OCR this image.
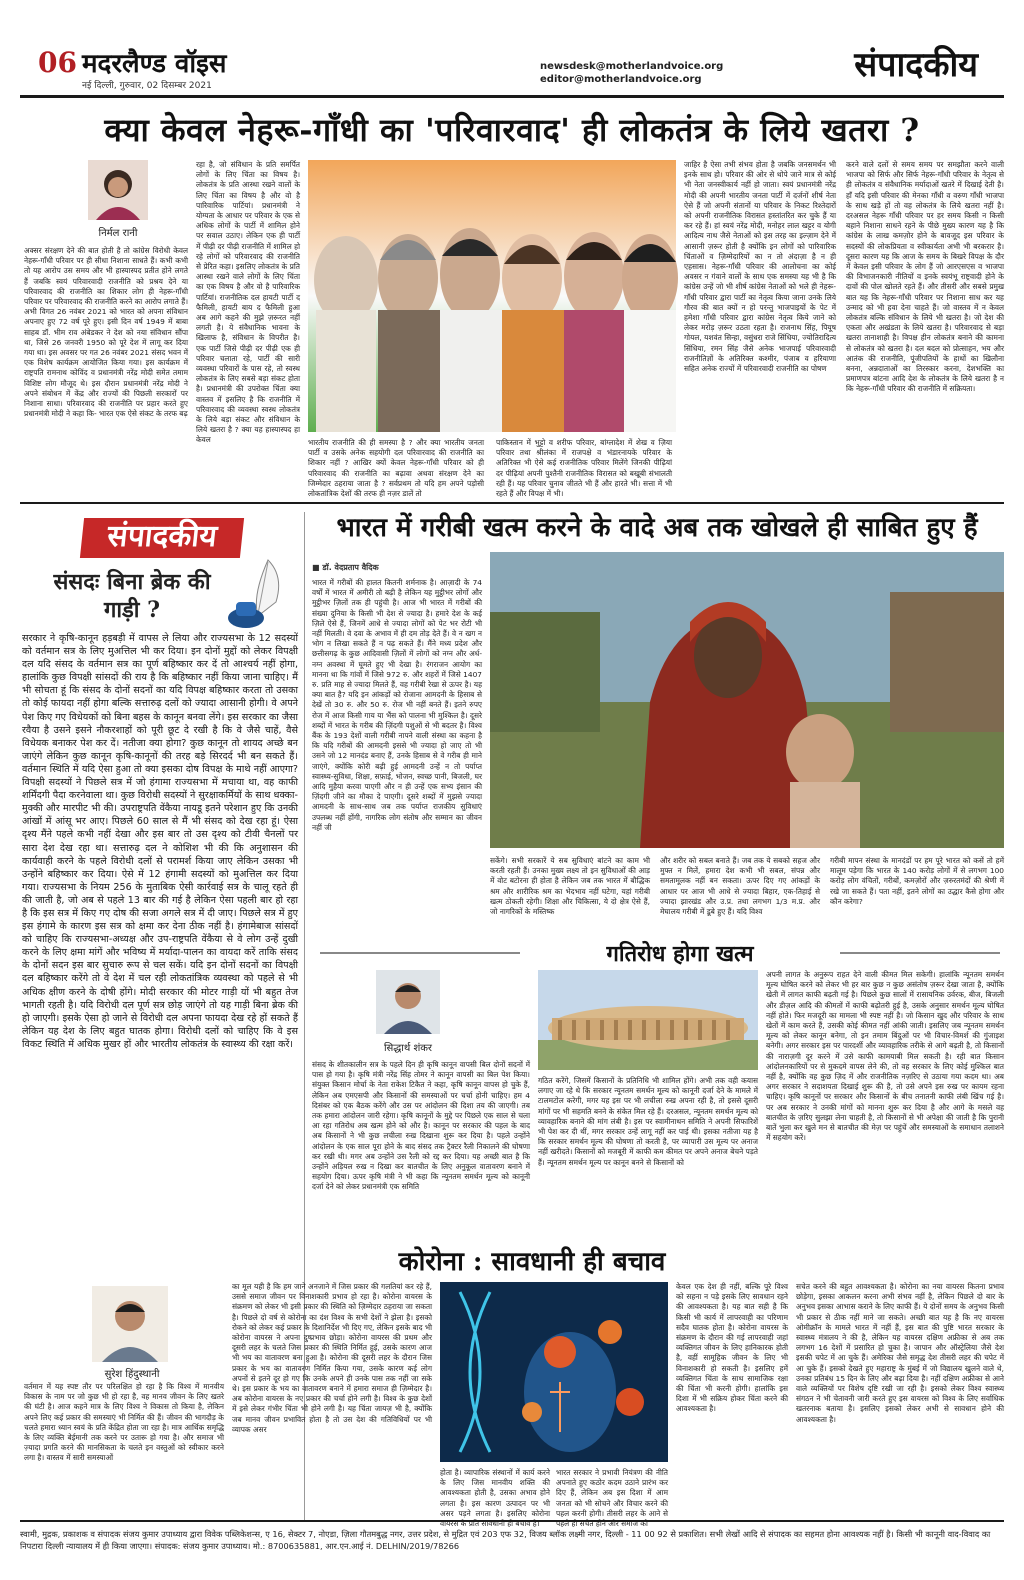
06 मदरलैण्ड वॉइस
नई दिल्ली, गुरुवार, 02 दिसम्बर 2021
newsdesk@motherlandvoice.org
editor@motherlandvoice.org	संपादकीय
क्या केवल नेहरू-गाँधी का 'परिवारवाद' ही लोकतंत्र के लिये खतरा ?
निर्मल रानी
अक्सर संरक्षण देने की बात होती है तो कांग्रेस विरोधी केवल नेहरू-गाँधी परिवार पर ही सीधा निशाना साधते हैं। कभी कभी तो यह आरोप उस समय और भी हास्यास्पद प्रतीत होने लगते हैं जबकि स्वयं परिवारवादी राजनीति को प्रश्रय देने या परिवारवाद की राजनीति का शिकार लोग ही नेहरू-गाँधी परिवार पर परिवारवाद की राजनीति करने का आरोप लगाते हैं। अभी विगत 26 नवंबर 2021 को भारत को अपना संविधान अपनाए हुए 72 वर्ष पूरे हुए। इसी दिन वर्ष 1949 में बाबा साहब डॉ. भीम राव अंबेडकर ने देश को नया संविधान सौंपा था, जिसे 26 जनवरी 1950 को पूरे देश में लागू कर दिया गया था। इस अवसर पर गत 26 नवंबर 2021 संसद भवन में एक विशेष कार्यक्रम आयोजित किया गया। इस कार्यक्रम में राष्ट्रपति रामनाथ कोविंद व प्रधानमंत्री नरेंद्र मोदी समेत तमाम विशिष्ट लोग मौजूद थे। इस दौरान प्रधानमंत्री नरेंद्र मोदी ने अपने संबोधन में केंद्र और राज्यों की पिछली सरकारों पर निशाना साधा। परिवारवाद की राजनीति पर प्रहार करते हुए प्रधानमंत्री मोदी ने कहा कि- भारत एक ऐसे संकट के तरफ बढ़
रहा है, जो संविधान के प्रति समर्पित लोगों के लिए चिंता का विषय है। लोकतंत्र के प्रति आस्था रखने वालों के लिए चिंता का विषय है और वो है पारिवारिक पार्टियां। प्रधानमंत्री ने योग्यता के आधार पर परिवार के एक से अधिक लोगों के पार्टी में शामिल होने पर सवाल उठाए। लेकिन एक ही पार्टी में पीढ़ी दर पीढ़ी राजनीति में शामिल हो रहे लोगों को परिवारवाद की राजनीति से प्रेरित कहा। इसलिए लोकतंत्र के प्रति आस्था रखने वाले लोगों के लिए चिंता का एक विषय है और वो है पारिवारिक पार्टियां। राजनीतिक दल हायटी पार्टी द फैमिली, हायटी बाय द फैमिली हुआ अब आगे कहने की मुझे ज़रूरत नहीं लगती है। ये संवैधानिक भावना के खिलाफ है, संविधान के विपरीत है। एक पार्टी जिसे पीढ़ी दर पीढ़ी एक ही परिवार चलाता रहे, पार्टी की सारी व्यवस्था परिवारों के पास रहे, तो स्वस्थ लोकतंत्र के लिए सबसे बड़ा संकट होता है। प्रधानमंत्री की उपरोक्त चिंता क्या वास्तव में इसलिए है कि राजनीति में परिवारवाद की व्यवस्था स्वस्थ लोकतंत्र के लिये बड़ा संकट और संविधान के लिये खतरा है ? क्या यह हास्यास्पद हा केवल	भारतीय राजनीति की ही समस्या है ? और क्या भारतीय जनता पार्टी व उसके अनेक सहयोगी दल परिवारवाद की राजनीति का शिकार नहीं ? आखिर क्यों केवल नेहरू-गाँधी परिवार को ही परिवारवाद की राजनीति का बढ़ावा अथवा संरक्षण देने का जिम्मेदार ठहराया जाता है ? सर्वप्रथम तो यदि हम अपने पड़ोसी लोकतांत्रिक देशों की तरफ ही नज़र डालें तो
पाकिस्तान में भुट्टो व शरीफ परिवार, बांग्लादेश में शेख व ज़िया परिवार तथा श्रीलंका में राजपक्षे व भंडारनायके परिवार के अतिरिक्त भी ऐसे कई राजनीतिक परिवार मिलेंगे जिनकी पीढ़ियां दर पीढ़ियां अपनी पुश्तैनी राजनीतिक विरासत को बखूबी संभालती रही हैं। यह परिवार चुनाव जीतते भी हैं और हारते भी। सत्ता में भी रहते हैं और विपक्ष में भी।
जाहिर है ऐसा तभी संभव होता है जबकि जनसमर्थन भी इनके साथ हो। परिवार की ओर से थोपे जाने मात्र से कोई भी नेता जनस्वीकार्य नहीं हो जाता। स्वयं प्रधानमंत्री नरेंद्र मोदी की अपनी भारतीय जनता पार्टी में दर्जनों शीर्ष नेता ऐसे हैं जो अपनी संतानों या परिवार के निकट रिश्तेदारों को अपनी राजनीतिक विरासत हस्तांतरित कर चुके हैं या कर रहे हैं। हां स्वयं नरेंद्र मोदी, मनोहर लाल खट्टर व योगी आदित्य नाथ जैसे नेताओं को इस तरह का इल्ज़ाम देने में आसानी ज़रूर होती है क्योंकि इन लोगों को पारिवारिक चिंताओं व ज़िम्मेदारियों का न तो अंदाज़ा है न ही एहसास। नेहरू-गाँधी परिवार की आलोचना का कोई अवसर न गंवाने वालों के साथ एक समस्या यह भी है कि कांग्रेस उन्हें जो भी शीर्ष कांग्रेस नेताओं को भले ही नेहरू-गाँधी परिवार द्वारा पार्टी का नेतृत्व किया जाना उनके लिये गौरव की बात क्यों न हो परन्तु भाजपाइयों के पेट में हमेशा गाँधी परिवार द्वारा कांग्रेस नेतृत्व किये जाने को लेकर मरोड़ ज़रूर उठता रहता है। राजनाथ सिंह, पियूष गोयल, यशवंत सिन्हा, वसुंधरा राजे सिंधिया, ज्योतिरादित्य सिंधिया, रमन सिंह जैसे अनेक भाजपाई परिवारवादी राजनीतिज्ञों के अतिरिक्त कश्मीर, पंजाब व हरियाणा सहित अनेक राज्यों में परिवारवादी राजनीति का पोषण
करने वाले दलों से समय समय पर समझौता करने वाली भाजपा को सिर्फ और सिर्फ नेहरू-गाँधी परिवार के नेतृत्व से ही लोकतंत्र व संवैधानिक मर्यादाओं खतरे में दिखाई देती है। हाँ यदि इसी परिवार की मेनका गाँधी व वरुण गाँधी भाजपा के साथ खड़े हों तो वह लोकतंत्र के लिये खतरा नहीं है। दरअसल नेहरू गाँधी परिवार पर हर समय किसी न किसी बहाने निशाना साधने रहने के पीछे मुख्य कारण यह है कि कांग्रेस के लाख कमज़ोर होने के बावजूद इस परिवार के सदस्यों की लोकप्रियता व स्वीकार्यता अभी भी बरकरार है। दूसरा कारण यह कि आज के समय के बिखरे विपक्ष के दौर में केवल इसी परिवार के लोग हैं जो आरएसएस व भाजपा की विभाजनकारी नीतियों व इनके स्वयंभू राष्ट्रवादी होने के दावों की पोल खोलते रहते हैं। और तीसरी और सबसे प्रमुख बात यह कि नेहरू-गाँधी परिवार पर निशाना साध कर यह उन्माद को भी हवा देना चाहते हैं। जो वास्तव में न केवल लोकतंत्र बल्कि संविधान के लिये भी खतरा है। जो देश की एकता और अखंडता के लिये खतरा है। परिवारवाद से बड़ा खतरा तानाशाही है। विपक्ष हीन लोकतंत्र बनाने की कामना से लोकतंत्र को खतरा है। दल बदल को प्रोत्साहन, भय और आतंक की राजनीति, पूंजीपतियों के हाथों का खिलौना बनना, अन्नदाताओं का तिरस्कार करना, देशभक्ति का प्रमाणपत्र बांटना आदि देश के लोकतंत्र के लिये खतरा है न कि नेहरू-गाँधी परिवार की राजनीति में सक्रियता।
संपादकीय
संसदः बिना ब्रेक की गाड़ी ?
सरकार ने कृषि-कानून हड़बड़ी में वापस ले लिया और राज्यसभा के 12 सदस्यों को वर्तमान सत्र के लिए मुअत्तिल भी कर दिया। इन दोनों मुद्दों को लेकर विपक्षी दल यदि संसद के वर्तमान सत्र का पूर्ण बहिष्कार कर दें तो आश्चर्य नहीं होगा, हालांकि कुछ विपक्षी सांसदों की राय है कि बहिष्कार नहीं किया जाना चाहिए। मैं भी सोचता हूं कि संसद के दोनों सदनों का यदि विपक्ष बहिष्कार करता तो उसका तो कोई फायदा नहीं होगा बल्कि सत्तारुढ़ दलों को ज्यादा आसानी होगी। वे अपने पेश किए गए विधेयकों को बिना बहस के कानून बनवा लेंगे। इस सरकार का जैसा रवैया है उसने इसने नौकरशाहों को पूरी छूट दे रखी है कि वे जैसे चाहें, वैसे विधेयक बनाकर पेश कर दें। नतीजा क्या होगा? कुछ कानून तो शायद अच्छे बन जाएंगे लेकिन कुछ कानून कृषि-कानूनों की तरह बड़े सिरदर्द भी बन सकते हैं। वर्तमान स्थिति में यदि ऐसा हुआ तो क्या इसका दोष विपक्ष के माथे नहीं आएगा? विपक्षी सदस्यों ने पिछले सत्र में जो हंगामा राज्यसभा में मचाया था, वह काफी शर्मिंदगी पैदा करनेवाला था। कुछ विरोधी सदस्यों ने सुरक्षाकर्मियों के साथ धक्का-मुक्की और मारपीट भी की। उपराष्ट्रपति वेंकैया नायडू इतने परेशान हुए कि उनकी आंखों में आंसू भर आए। पिछले 60 साल से मैं भी संसद को देख रहा हूं। ऐसा दृश्य मैंने पहले कभी नहीं देखा और इस बार तो उस दृश्य को टीवी चैनलों पर सारा देश देख रहा था। सत्तारुढ़ दल ने कोशिश भी की कि अनुशासन की कार्यवाही करने के पहले विरोधी दलों से परामर्श किया जाए लेकिन उसका भी उन्होंने बहिष्कार कर दिया। ऐसे में 12 हंगामी सदस्यों को मुअत्तिल कर दिया गया। राज्यसभा के नियम 256 के मुताबिक ऐसी कार्रवाई सत्र के चालू रहते ही की जाती है, जो अब से पहले 13 बार की गई है लेकिन ऐसा पहली बार हो रहा है कि इस सत्र में किए गए दोष की सजा अगले सत्र में दी जाए। पिछले सत्र में हुए इस हंगामे के कारण इस सत्र को क्षमा कर देना ठीक नहीं है। हंगामेबाज सांसदों को चाहिए कि राज्यसभा-अध्यक्ष और उप-राष्ट्रपति वेंकैया से वे लोग उन्हें दुखी करने के लिए क्षमा मांगें और भविष्य में मर्यादा-पालन का वायदा करें ताकि संसद के दोनों सदन इस बार सुचारु रूप से चल सकें। यदि इन दोनों सदनों का विपक्षी दल बहिष्कार करेंगे तो वे देश में चल रही लोकतांत्रिक व्यवस्था को पहले से भी अधिक क्षीण करने के दोषी होंगे। मोदी सरकार की मोटर गाड़ी यों भी बहुत तेज भागती रहती है। यदि विरोधी दल पूर्ण सत्र छोड़ जाएंगे तो यह गाड़ी बिना ब्रेक की हो जाएगी। इसके ऐसा हो जाने से विरोधी दल अपना फायदा देख रहे हों सकते हैं लेकिन यह देश के लिए बहुत घातक होगा। विरोधी दलों को चाहिए कि वे इस विकट स्थिति में अधिक मुखर हों और भारतीय लोकतंत्र के स्वास्थ्य की रक्षा करें।
भारत में गरीबी खत्म करने के वादे अब तक खोखले ही साबित हुए हैं
■ डॉ. वेदप्रताप वैदिक
भारत में गरीबों की हालत कितनी शर्मनाक है। आज़ादी के 74 वर्षों में भारत में अमीरी तो बढ़ी है लेकिन यह मुट्ठीभर लोगों और मुट्ठीभर ज़िलों तक ही पहुंची है। आज भी भारत में गरीबों की संख्या दुनिया के किसी भी देश से ज्यादा है। हमारे देश के कई ज़िले ऐसे हैं, जिनमें आधे से ज्यादा लोगों को पेट भर रोटी भी नहीं मिलती। वे दवा के अभाव में ही दम तोड़ देते हैं। वे न खग न भोग न लिखा सकते हैं न पढ़ सकते हैं। मैंने मध्य प्रदेश और छत्तीसगढ़ के कुछ आदिवासी ज़िलों में लोगों को नग्न और अर्ध-नग्न अवस्था में घूमते हुए भी देखा है। रंगराजन आयोग का मानना था कि गांवों में जिसे 972 रु. और शहरों में जिसे 1407 रु. प्रति माह से ज्यादा मिलते हैं, वह गरीबी रेखा से ऊपर है। यह क्या बात है? यदि इन आंकड़ों को रोजाना आमदनी के हिसाब से देखें तो 30 रु. और 50 रु. रोज भी नहीं बनते हैं। इतने रुपए रोज में आज किसी गाय या भैंस को पालना भी मुश्किल है। दूसरे शब्दों में भारत के गरीब की ज़िंदगी पशुओं से भी बदतर है। विश्व बैंक के 193 देशों वाली गरीबी नापने वाली संस्था का कहना है कि यदि गरीबों की आमदनी इससे भी ज्यादा हो जाए तो भी उसने जो 12 मानदंड बनाए हैं, उनके हिसाब से वे गरीब ही माने जाएंगे, क्योंकि कोरी बढ़ी हुई आमदनी उन्हें न तो पर्याप्त स्वास्थ्य-सुविधा, शिक्षा, सफ़ाई, भोजन, स्वच्छ पानी, बिजली, घर आदि मुहैया करवा पाएगी और न ही उन्हें एक सभ्य इंसान की ज़िंदगी जीने का मौका दे पाएगी। दूसरे शब्दों में मुझसे ज्यादा आमदनी के साथ-साथ जब तक पर्याप्त राजकीय सुविधाएं उपलब्ध नहीं होंगी, नागरिक लोग संतोष और सम्मान का जीवन नहीं जी
सकेंगे। सभी सरकारें ये सब सुविधाएं बांटने का काम भी करती रहती हैं। उनका मुख्य लक्ष्य तो इन सुविधाओं की आड़ में वोट बटोरना ही होता है लेकिन जब तक भारत में बौद्धिक श्रम और शारीरिक श्रम का भेदभाव नहीं घटेगा, यहां गरीबी खत्म ठोकती रहेगी। शिक्षा और चिकित्सा, ये दो क्षेत्र ऐसे हैं, जो नागरिकों के मस्तिष्क
और शरीर को सबल बनाते हैं। जब तक ये सबको सहज और मुफ्त न मिलें, हमारा देश कभी भी सबल, संपन्न और समतामूलक नहीं बन सकता। ऊपर दिए गए आंकड़ों के आधार पर आज भी आधे से ज्यादा बिहार, एक-तिहाई से ज्यादा झारखंड और उ.प्र. तथा लगभग 1/3 म.प्र. और मेघालय गरीबी में डूबे हुए हैं। यदि विश्व
गरीबी मापन संस्था के मानदंडों पर हम पूरे भारत को कसें तो हमें मालूम पड़ेगा कि भारत के 140 करोड़ लोगों में से लगभग 100 करोड़ लोग वंचितों, गरीबों, कमज़ोरों और ज़रुरतमंदों की श्रेणी में रखे जा सकते हैं। पता नहीं, इतने लोगों का उद्धार कैसे होगा और कौन करेगा?
गतिरोध होगा खत्म
सिद्धार्थ शंकर
संसद के शीतकालीन सत्र के पहले दिन ही कृषि कानून वापसी बिल दोनों सदनों में पास हो गया है। कृषि मंत्री नरेंद्र सिंह तोमर ने कानून वापसी का बिल पेश किया। संयुक्त किसान मोर्चा के नेता राकेश टिकैत ने कहा, कृषि कानून वापस हो चुके हैं, लेकिन अब एमएसपी और किसानों की समस्याओं पर चर्चा होनी चाहिए। हम 4 दिसंबर को एक बैठक करेंगे और उस पर आंदोलन की दिशा तय की जाएगी। तब तक हमारा आंदोलन जारी रहेगा। कृषि कानूनों के मुद्दे पर पिछले एक साल से चला आ रहा गतिरोध अब खत्म होने को और है। कानून पर सरकार की पहल के बाद अब किसानों ने भी कुछ लचीला रुख दिखाना शुरू कर दिया है। पहले उन्होंने आंदोलन के एक साल पूरा होने के बाद संसद तक ट्रैक्टर रैली निकालने की घोषणा कर रखी थी। मगर अब उन्होंने उस रैली को रद्द कर दिया। यह अच्छी बात है कि उन्होंने अड़ियल रुख न दिखा कर बातचीत के लिए अनुकूल वातावरण बनाने में सहयोग दिया। ऊपर कृषि मंत्री ने भी कहा कि न्यूनतम समर्थन मूल्य को कानूनी दर्जा देने को लेकर प्रधानमंत्री एक समिति
गठित करेंगे, जिसमें किसानों के प्रतिनिधि भी शामिल होंगे। अभी तक वही कयास लगाए जा रहे थे कि सरकार न्यूनतम समर्थन मूल्य को कानूनी दर्जा देने के मामले में टालमटोल करेगी, मगर यह इस पर भी लचीला रुख अपना रही है, तो इससे दूसरी मांगों पर भी सहमति बनने के संकेत मिल रहे हैं। दरअसल, न्यूनतम समर्थन मूल्य को व्यावहारिक बनाने की मांग लंबी है। इस पर स्वामीनाथन समिति ने अपनी सिफारिशें भी पेश कर दी थीं, मगर सरकार उन्हें लागू नहीं कर पाई थी। इसका नतीजा यह है कि सरकार समर्थन मूल्य की घोषणा तो करती है, पर व्यापारी उस मूल्य पर अनाज नहीं खरीदते। किसानों को मजबूरी में काफी कम कीमत पर अपने अनाज बेचने पड़ते हैं। न्यूनतम समर्थन मूल्य पर कानून बनने से किसानों को
अपनी लागत के अनुरूप राहत देने वाली कीमत मिल सकेगी। हालांकि न्यूनतम समर्थन मूल्य घोषित करने को लेकर भी हर बार कुछ न कुछ असंतोष ज़रूर देखा जाता है, क्योंकि खेती में लागत काफी बढ़ती गई है। पिछले कुछ सालों में रासायनिक उर्वरक, बीज, बिजली और डीज़ल आदि की कीमतों में काफी बढ़ोतरी हुई है, उसके अनुसार समर्थन मूल्य घोषित नहीं होते। फिर मजदूरी का मामला भी स्पष्ट नहीं है। जो किसान खुद और परिवार के साथ खेतों में काम करते हैं, उसकी कोई कीमत नहीं आंकी जाती। इसलिए जब न्यूनतम समर्थन मूल्य को लेकर कानून बनेगा, तो इन तमाम बिंदुओं पर भी विचार-विमर्श की गुंजाइश बनेगी। अगर सरकार इस पर पारदर्शी और व्यावहारिक तरीके से आगे बढ़ती है, तो किसानों की नाराज़गी दूर करने में उसे काफी कामयाबी मिल सकती है। रही बात किसान आंदोलनकारियों पर से मुकदमे वापस लेने की, तो वह सरकार के लिए कोई मुश्किल बात नहीं है, क्योंकि वह कुछ ज़िद में और राजनीतिक नज़रिए से उठाया गया कदम था। अब अगर सरकार ने सदाशयता दिखाई शुरू की है, तो उसे अपने इस रुख पर कायम रहना चाहिए। कृषि कानूनों पर सरकार और किसानों के बीच तनातनी काफी लंबी खिंच गई है। पर अब सरकार ने उनकी मांगों को मानना शुरू कर दिया है और आगे के मसले वह बातचीत के ज़रिए सुलझा लेना चाहती है, तो किसानों से भी अपेक्षा की जाती है कि पुरानी बातें भुला कर खुले मन से बातचीत की मेज़ पर पहुंचें और समस्याओं के समाधान तलाशने में सहयोग करें।
कोरोना : सावधानी ही बचाव
सुरेश हिंदुस्थानी
वर्तमान में यह स्पष्ट तौर पर परिलक्षित हो रहा है कि विश्व में मानवीय विकास के नाम पर जो कुछ भी हो रहा है, वह मानव जीवन के लिए खतरे की घंटी है। आज कहने मात्र के लिए विश्व ने विकास तो किया है, लेकिन अपने लिए कई प्रकार की समस्याएं भी निर्मित की हैं। जीवन की भागदौड़ के चलते हमारा ध्यान स्वयं के प्रति केंद्रित होता जा रहा है। मात्र आर्थिक समृद्धि के लिए व्यक्ति बेईमानी तक करने पर उतारू हो गया है। और समाज भी ज़्यादा प्रगति करने की मानसिकता के चलते इन वस्तुओं को स्वीकार करने लगा है। वास्तव में सारी समस्याओं
का मूल यही है कि हम जाने अनजाने में जिस प्रकार की गलतियां कर रहे हैं, उससे समाज जीवन पर विनाशकारी प्रभाव हो रहा है। कोरोना वायरस के संक्रमण को लेकर भी इसी प्रकार की स्थिति को ज़िम्मेदार ठहराया जा सकता है। पिछले दो वर्ष से कोरोना का दंश विश्व के सभी देशों ने झेला है। इसको रोकने को लेकर कई प्रकार के दिशानिर्देश भी दिए गए, लेकिन इसके बाद भी कोरोना वायरस ने अपना दुष्प्रभाव छोड़ा। कोरोना वायरस की प्रथम और दूसरी लहर के चलते जिस प्रकार की स्थिति निर्मित हुई, उसके कारण आज भी भय का वातावरण बना हुआ है। कोरोना की दूसरी लहर के दौरान जिस प्रकार के भय का वातावरण निर्मित किया गया, उसके कारण कई लोग अपनों से इतने दूर हो गए कि उनके अपने ही उनके पास तक नहीं जा सके थे। इस प्रकार के भय का वातावरण बनाने में हमारा समाज ही ज़िम्मेदार है। अब कोरोना वायरस के नए प्रकार की चर्चा होने लगी है। विश्व के कुछ देशों में इसे लेकर गंभीर चिंता भी होने लगी है। यह चिंता जायज़ भी है, क्योंकि जब मानव जीवन प्रभावित होता है तो उस देश की गतिविधियों पर भी व्यापक असर
होता है। व्यापारिक संस्थानों में कार्य करने के लिए जिस मानवीय शक्ति की आवश्यकता होती है, उसका अभाव होने लगता है। इस कारण उत्पादन पर भी असर पड़ने लगता है। इसलिए कोरोना वायरस के प्रति सावधानी ही बचाव है।
भारत सरकार ने प्रभावी नियंत्रण की नीति अपनाते हुए कठोर कदम उठाने प्रारंभ कर दिए हैं, लेकिन अब इस दिशा में आम जनता को भी सोचने और विचार करने की पहल करनी होगी। तीसरी लहर के आने से पहले ही सचेत होने और समाज को
केवल एक देश ही नहीं, बल्कि पूरे विश्व को सहना न पड़े इसके लिए सावधान रहने की आवश्यकता है। यह बात सही है कि किसी भी कार्य में लापरवाही का परिणाम सदैव घातक होता है। कोरोना वायरस के संक्रमण के दौरान की गई लापरवाही जहां व्यक्तिगत जीवन के लिए हानिकारक होती है, वहीं सामूहिक जीवन के लिए भी विनाशकारी हो सकती है। इसलिए हमें व्यक्तिगत चिंता के साथ सामाजिक रक्षा की चिंता भी करनी होगी। हालांकि इस दिशा में भी सक्रिय होकर चिंता करने की आवश्यकता है।
सचेत करने की बहुत आवश्यकता है। कोरोना का नया वायरस कितना प्रभाव छोड़ेगा, इसका आकलन करना अभी संभव नहीं है, लेकिन पिछले दो बार के अनुभव इसका आभास कराने के लिए काफी हैं। ये दोनों समय के अनुभव किसी भी प्रकार से ठीक नहीं माने जा सकते। अच्छी बात यह है कि नए वायरस ओमीक्रॉन के मामले भारत में नहीं हैं, इस बात की पुष्टि भारत सरकार के स्वास्थ्य मंत्रालय ने की है, लेकिन यह वायरस दक्षिण अफ्रीका से अब तक लगभग 16 देशों में प्रसारित हो चुका है। जापान और ऑस्ट्रेलिया जैसे देश इसकी चपेट में आ चुके हैं। अमेरिका जैसे समृद्ध देश तीसरी लहर की चपेट में आ चुके हैं। इसको देखते हुए महाराष्ट्र के मुंबई में जो विद्यालय खुलने वाले थे, उनका प्रतिबंध 15 दिन के लिए और बढ़ा दिया है। नहीं दक्षिण अफ्रीका से आने वाले व्यक्तियों पर विशेष दृष्टि रखी जा रही है। इसको लेकर विश्व स्वास्थ्य संगठन ने भी चेतावनी जारी करते हुए इस वायरस को विश्व के लिए सर्वाधिक खतरनाक बताया है। इसलिए इसको लेकर अभी से सावधान होने की आवश्यकता है।
स्वामी, मुद्रक, प्रकाशक व संपादक संजय कुमार उपाध्याय द्वारा विवेक पब्लिकेशन्स, ए 16, सेक्टर 7, नोएडा, ज़िला गौतमबुद्ध नगर, उत्तर प्रदेश, से मुद्रित एवं 203 एफ 32, विजय ब्लॉक लक्ष्मी नगर, दिल्ली - 11 00 92 से प्रकाशित। सभी लेखों आदि से संपादक का सहमत होना आवश्यक नहीं है। किसी भी कानूनी वाद-विवाद का निपटारा दिल्ली न्यायालय में ही किया जाएगा। संपादक: संजय कुमार उपाध्याय। मो.: 8700635881, आर.एन.आई नं. DELHIN/2019/78266
